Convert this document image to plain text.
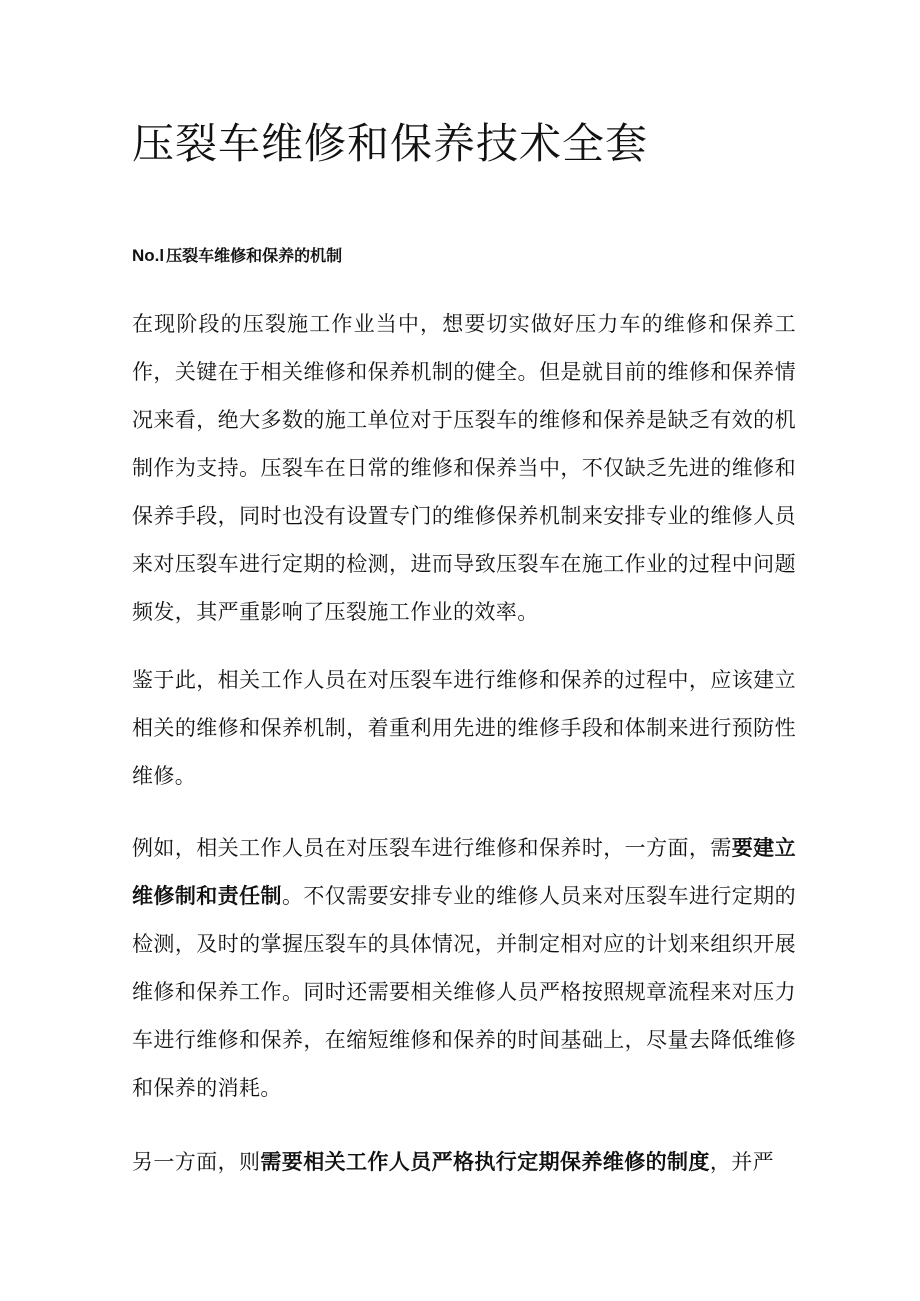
压裂车维修和保养技术全套
No.l 压裂车维修和保养的机制

在现阶段的压裂施工作业当中，想要切实做好压力车的维修和保养工作，关键在于相关维修和保养机制的健全。但是就目前的维修和保养情况来看，绝大多数的施工单位对于压裂车的维修和保养是缺乏有效的机制作为支持。压裂车在日常的维修和保养当中，不仅缺乏先进的维修和保养手段，同时也没有设置专门的维修保养机制来安排专业的维修人员来对压裂车进行定期的检测，进而导致压裂车在施工作业的过程中问题频发，其严重影响了压裂施工作业的效率。

鉴于此，相关工作人员在对压裂车进行维修和保养的过程中，应该建立相关的维修和保养机制，着重利用先进的维修手段和体制来进行预防性维修。

例如，相关工作人员在对压裂车进行维修和保养时，一方面，需要建立维修制和责任制。不仅需要安排专业的维修人员来对压裂车进行定期的检测，及时的掌握压裂车的具体情况，并制定相对应的计划来组织开展维修和保养工作。同时还需要相关维修人员严格按照规章流程来对压力车进行维修和保养，在缩短维修和保养的时间基础上，尽量去降低维修和保养的消耗。

另一方面，则需要相关工作人员严格执行定期保养维修的制度，并严
